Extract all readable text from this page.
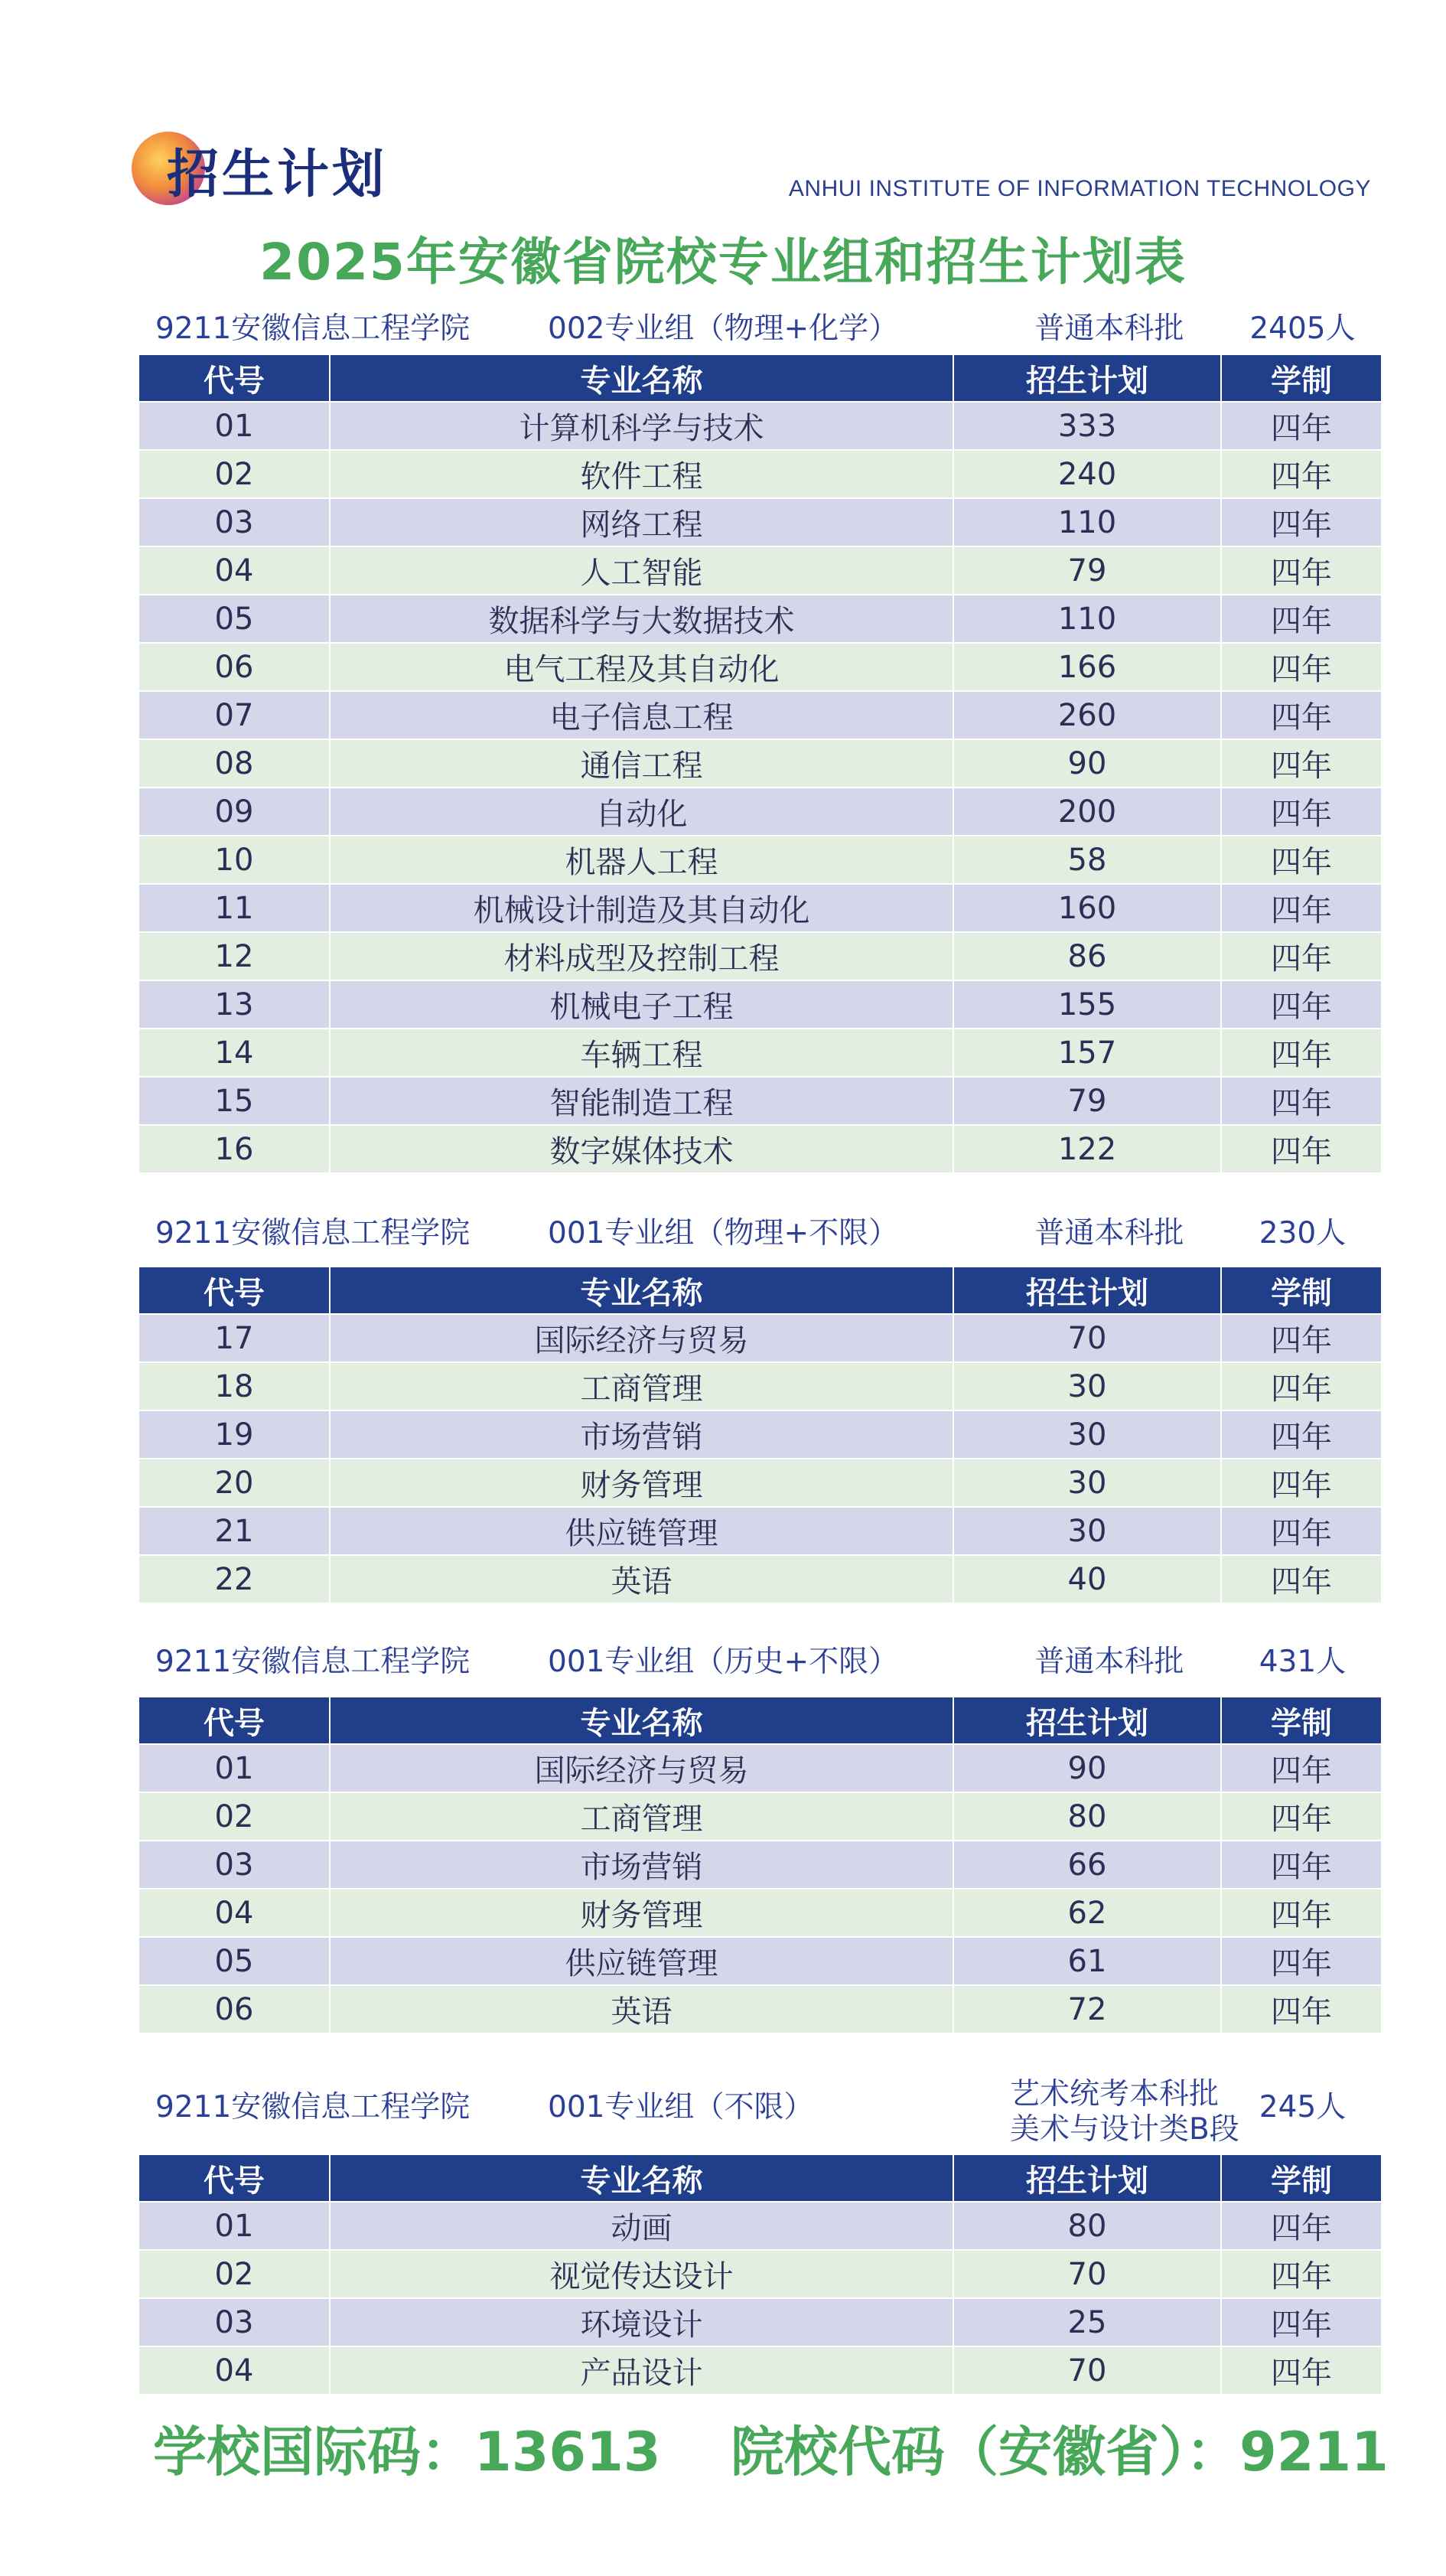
招生计划	ANHUI INSTITUTE OF INFORMATION TECHNOLOGY
2025年安徽省院校专业组和招生计划表
9211安徽信息工程学院	002专业组（物理+化学）	普通本科批	2405人
代号	专业名称	招生计划	学制
01	计算机科学与技术	333	四年
02	软件工程	240	四年
03	网络工程	110	四年
04	人工智能	79	四年
05	数据科学与大数据技术	110	四年
06	电气工程及其自动化	166	四年
07	电子信息工程	260	四年
08	通信工程	90	四年
09	自动化	200	四年
10	机器人工程	58	四年
11	机械设计制造及其自动化	160	四年
12	材料成型及控制工程	86	四年
13	机械电子工程	155	四年
14	车辆工程	157	四年
15	智能制造工程	79	四年
16	数字媒体技术	122	四年
9211安徽信息工程学院	001专业组（物理+不限）	普通本科批	230人
代号	专业名称	招生计划	学制
17	国际经济与贸易	70	四年
18	工商管理	30	四年
19	市场营销	30	四年
20	财务管理	30	四年
21	供应链管理	30	四年
22	英语	40	四年
9211安徽信息工程学院	001专业组（历史+不限）	普通本科批	431人
代号	专业名称	招生计划	学制
01	国际经济与贸易	90	四年
02	工商管理	80	四年
03	市场营销	66	四年
04	财务管理	62	四年
05	供应链管理	61	四年
06	英语	72	四年
9211安徽信息工程学院	001专业组（不限）	艺术统考本科批
美术与设计类B段
245人
代号	专业名称	招生计划	学制
01	动画	80	四年
02	视觉传达设计	70	四年
03	环境设计	25	四年
04	产品设计	70	四年
学校国际码：13613 院校代码（安徽省）：9211
